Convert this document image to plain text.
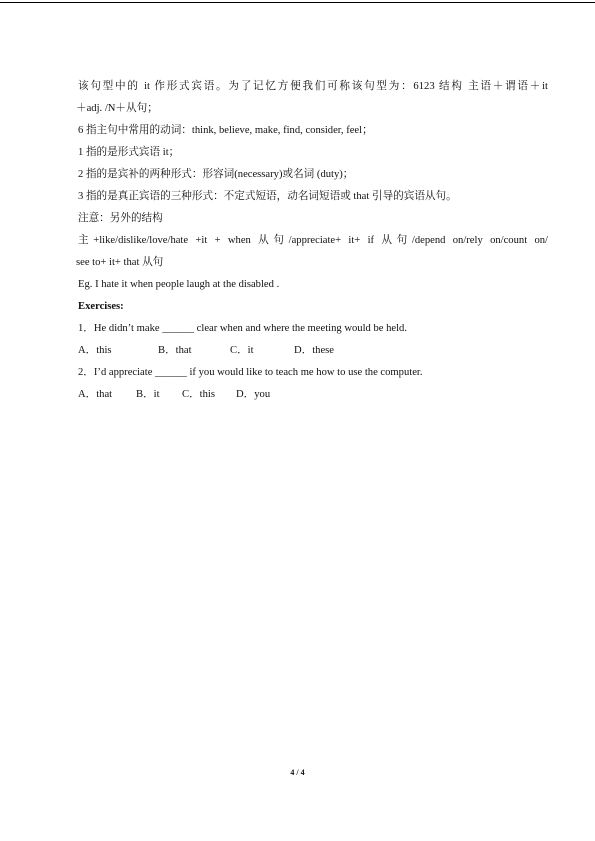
该句型中的 it 作形式宾语。为了记忆方便我们可称该句型为：6123 结构 主语＋谓语＋it
＋adj. /N＋从句；
6 指主句中常用的动词：think, believe, make, find, consider, feel；
1 指的是形式宾语 it；
2 指的是宾补的两种形式：形容词(necessary)或名词 (duty)；
3 指的是真正宾语的三种形式：不定式短语，动名词短语或 that 引导的宾语从句。
注意：另外的结构
主+like/dislike/love/hate +it + when 从句/appreciate+ it+ if 从句/depend on/rely on/count on/
see to+ it+ that 从句
Eg. I hate it when people laugh at the disabled .
Exercises:
1．He didn’t make ______ clear when and where the meeting would be held.
A．this	B．that	C．it	D．these
2．I’d appreciate ______ if you would like to teach me how to use the computer.
A．that	B．it	C．this	D．you
4 / 4
